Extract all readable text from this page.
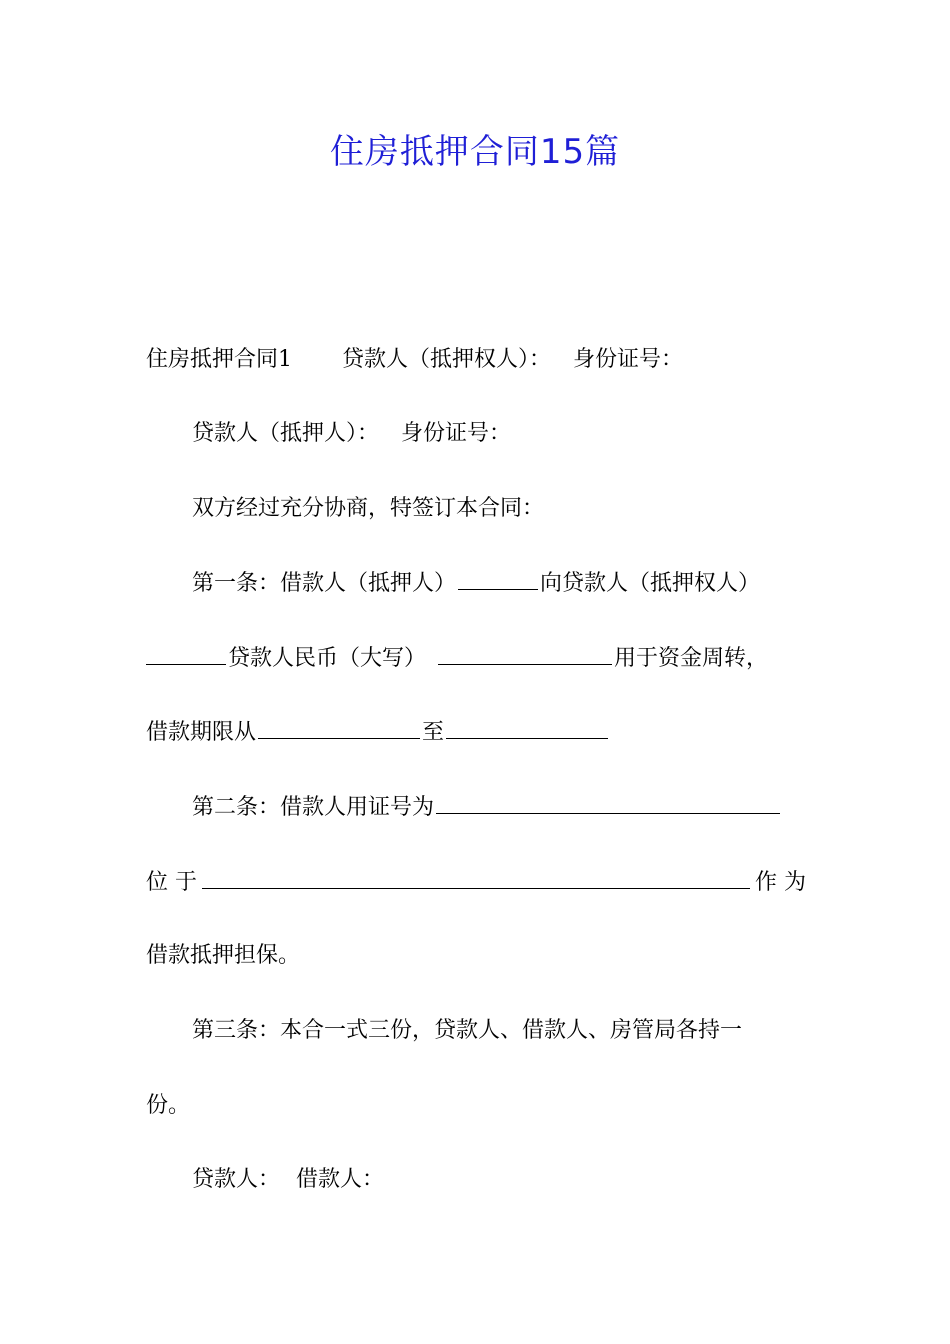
住房抵押合同15篇
住房抵押合同1 贷款人（抵押权人）： 身份证号：
贷款人（抵押人）： 身份证号：
双方经过充分协商，特签订本合同：
第一条：借款人（抵押人）	向贷款人（抵押权人）
贷款人民币（大写）	用于资金周转，
借款期限从	至
第二条：借款人用证号为
位 于	作 为
借款抵押担保。
第三条：本合一式三份，贷款人、借款人、房管局各持一
份。
贷款人： 借款人：
